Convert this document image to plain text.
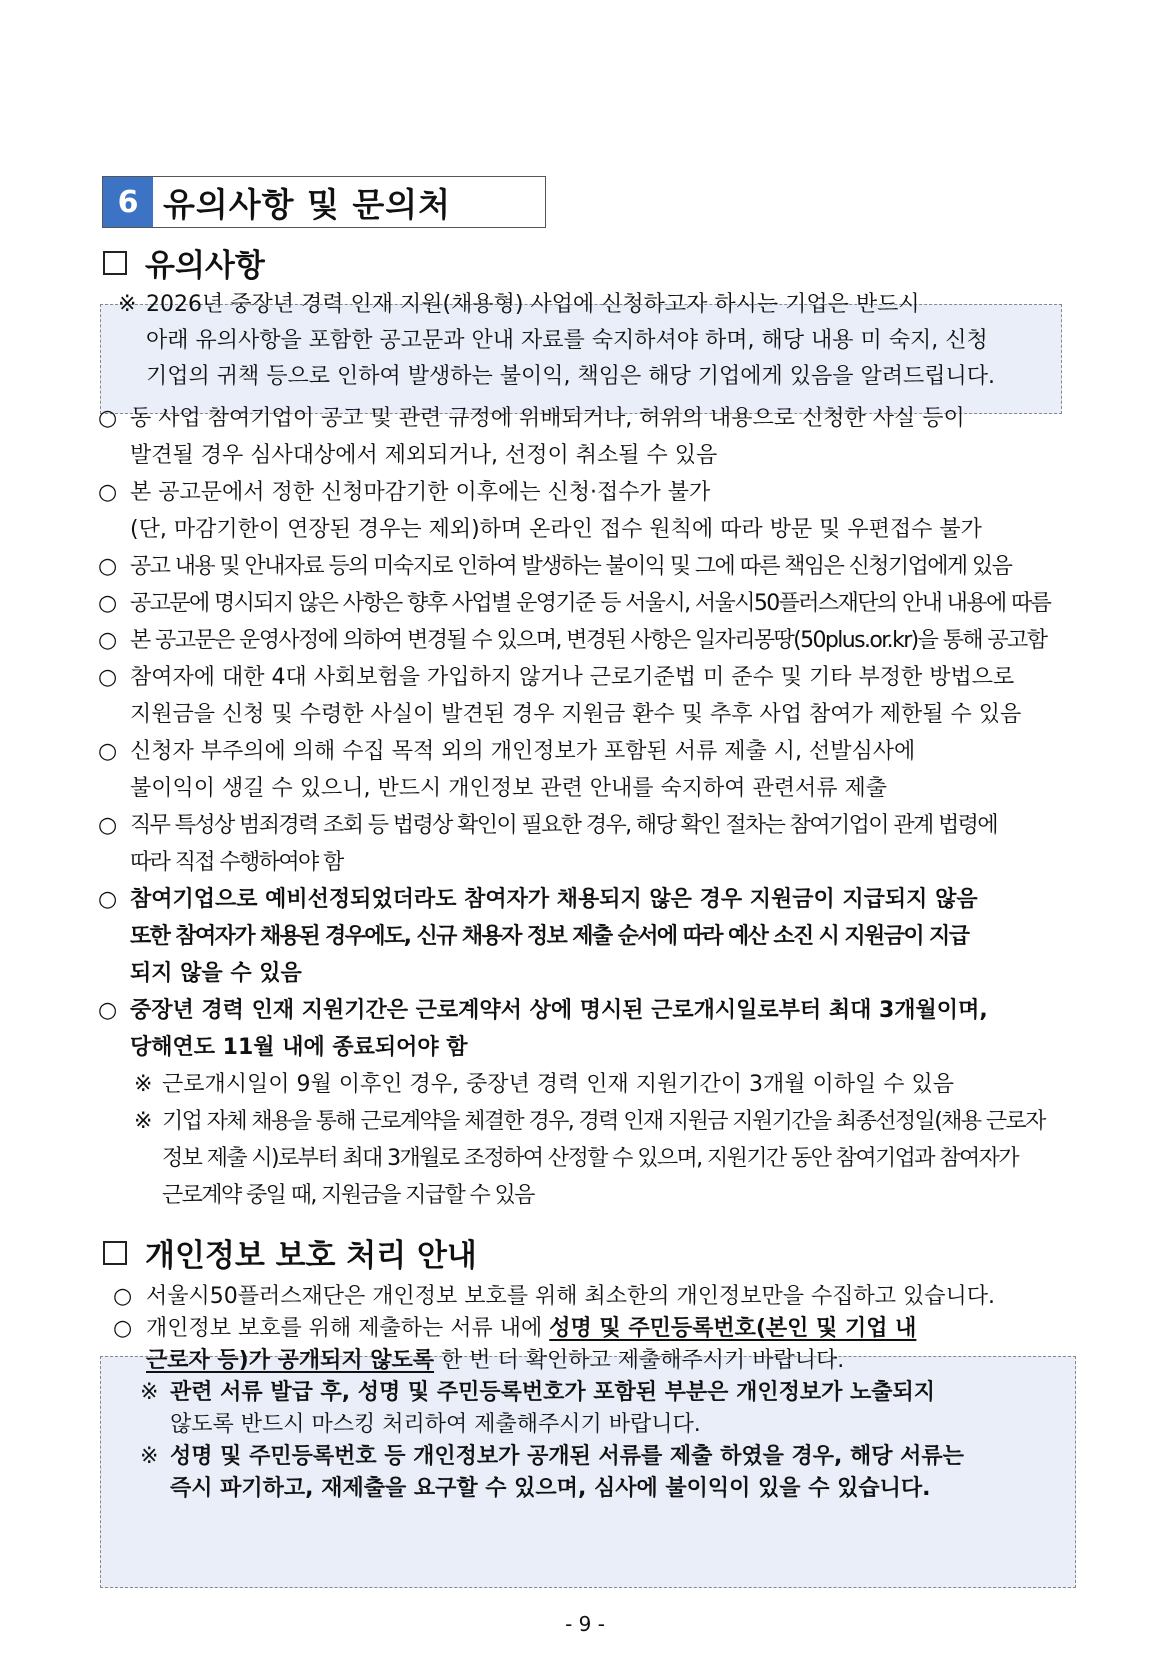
6 유의사항 및 문의처
유의사항
※ 2026년 중장년 경력 인재 지원(채용형) 사업에 신청하고자 하시는 기업은 반드시
아래 유의사항을 포함한 공고문과 안내 자료를 숙지하셔야 하며, 해당 내용 미 숙지, 신청
기업의 귀책 등으로 인하여 발생하는 불이익, 책임은 해당 기업에게 있음을 알려드립니다.
○ 동 사업 참여기업이 공고 및 관련 규정에 위배되거나, 허위의 내용으로 신청한 사실 등이
발견될 경우 심사대상에서 제외되거나, 선정이 취소될 수 있음
○ 본 공고문에서 정한 신청마감기한 이후에는 신청·접수가 불가
(단, 마감기한이 연장된 경우는 제외)하며 온라인 접수 원칙에 따라 방문 및 우편접수 불가
○ 공고 내용 및 안내자료 등의 미숙지로 인하여 발생하는 불이익 및 그에 따른 책임은 신청기업에게 있음
○ 공고문에 명시되지 않은 사항은 향후 사업별 운영기준 등 서울시, 서울시50플러스재단의 안내 내용에 따름
○ 본 공고문은 운영사정에 의하여 변경될 수 있으며, 변경된 사항은 일자리몽땅(50plus.or.kr)을 통해 공고함
○ 참여자에 대한 4대 사회보험을 가입하지 않거나 근로기준법 미 준수 및 기타 부정한 방법으로
지원금을 신청 및 수령한 사실이 발견된 경우 지원금 환수 및 추후 사업 참여가 제한될 수 있음
○ 신청자 부주의에 의해 수집 목적 외의 개인정보가 포함된 서류 제출 시, 선발심사에
불이익이 생길 수 있으니, 반드시 개인정보 관련 안내를 숙지하여 관련서류 제출
○ 직무 특성상 범죄경력 조회 등 법령상 확인이 필요한 경우, 해당 확인 절차는 참여기업이 관계 법령에
따라 직접 수행하여야 함
○ 참여기업으로 예비선정되었더라도 참여자가 채용되지 않은 경우 지원금이 지급되지 않음
또한 참여자가 채용된 경우에도, 신규 채용자 정보 제출 순서에 따라 예산 소진 시 지원금이 지급
되지 않을 수 있음
○ 중장년 경력 인재 지원기간은 근로계약서 상에 명시된 근로개시일로부터 최대 3개월이며,
당해연도 11월 내에 종료되어야 함
※ 근로개시일이 9월 이후인 경우, 중장년 경력 인재 지원기간이 3개월 이하일 수 있음
※ 기업 자체 채용을 통해 근로계약을 체결한 경우, 경력 인재 지원금 지원기간을 최종선정일(채용 근로자
정보 제출 시)로부터 최대 3개월로 조정하여 산정할 수 있으며, 지원기간 동안 참여기업과 참여자가
근로계약 중일 때, 지원금을 지급할 수 있음
개인정보 보호 처리 안내
○ 서울시50플러스재단은 개인정보 보호를 위해 최소한의 개인정보만을 수집하고 있습니다.
○ 개인정보 보호를 위해 제출하는 서류 내에 성명 및 주민등록번호(본인 및 기업 내
근로자 등)가 공개되지 않도록 한 번 더 확인하고 제출해주시기 바랍니다.
※ 관련 서류 발급 후, 성명 및 주민등록번호가 포함된 부분은 개인정보가 노출되지
않도록 반드시 마스킹 처리하여 제출해주시기 바랍니다.
※ 성명 및 주민등록번호 등 개인정보가 공개된 서류를 제출 하였을 경우, 해당 서류는
즉시 파기하고, 재제출을 요구할 수 있으며, 심사에 불이익이 있을 수 있습니다.
- 9 -
